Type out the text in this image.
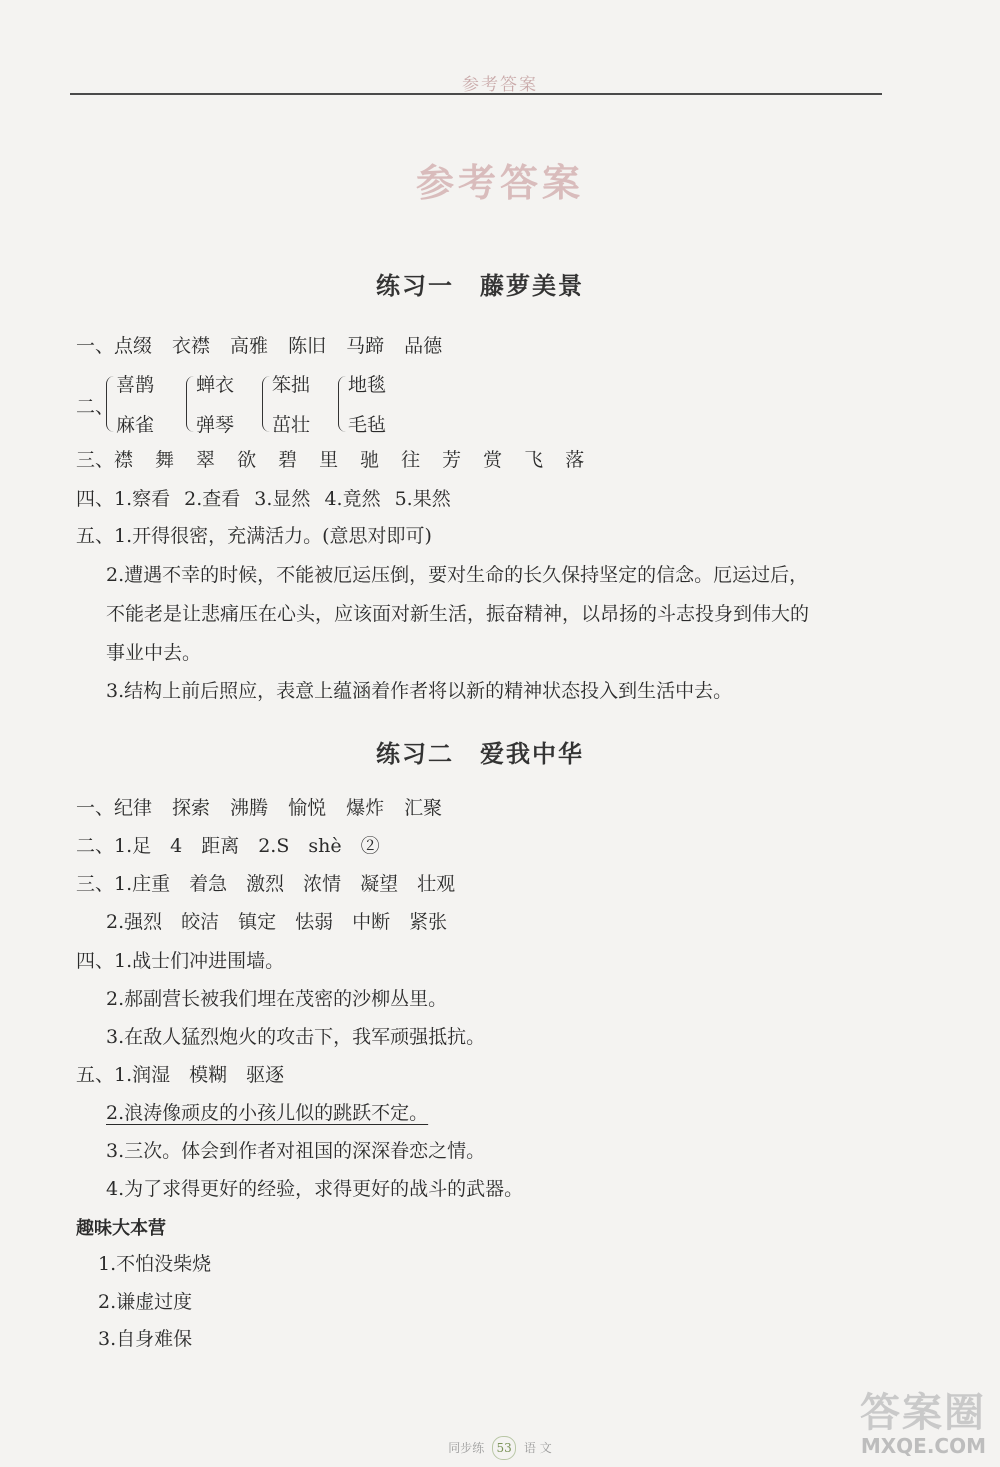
参考答案
参考答案
练习一　藤萝美景
一、点缀 衣襟 高雅 陈旧 马蹄 品德
二、
喜鹊
麻雀
蝉衣
弹琴
笨拙
茁壮
地毯
毛毡
三、襟 舞 翠 欲 碧 里 驰 往 芳 赏 飞 落
四、1.察看 2.查看 3.显然 4.竟然 5.果然
五、1.开得很密，充满活力。(意思对即可)
2.遭遇不幸的时候，不能被厄运压倒，要对生命的长久保持坚定的信念。厄运过后，
不能老是让悲痛压在心头，应该面对新生活，振奋精神，以昂扬的斗志投身到伟大的
事业中去。
3.结构上前后照应，表意上蕴涵着作者将以新的精神状态投入到生活中去。
练习二　爱我中华
一、纪律 探索 沸腾 愉悦 爆炸 汇聚
二、1.足　4　距离　2.S　shè　②
三、1.庄重　着急　激烈　浓情　凝望　壮观
2.强烈　皎洁　镇定　怯弱　中断　紧张
四、1.战士们冲进围墙。
2.郝副营长被我们埋在茂密的沙柳丛里。
3.在敌人猛烈炮火的攻击下，我军顽强抵抗。
五、1.润湿　模糊　驱逐
2.浪涛像顽皮的小孩儿似的跳跃不定。
3.三次。体会到作者对祖国的深深眷恋之情。
4.为了求得更好的经验，求得更好的战斗的武器。
趣味大本营
1.不怕没柴烧
2.谦虚过度
3.自身难保
同步练 53 语 文
答案圈
MXQE.COM
